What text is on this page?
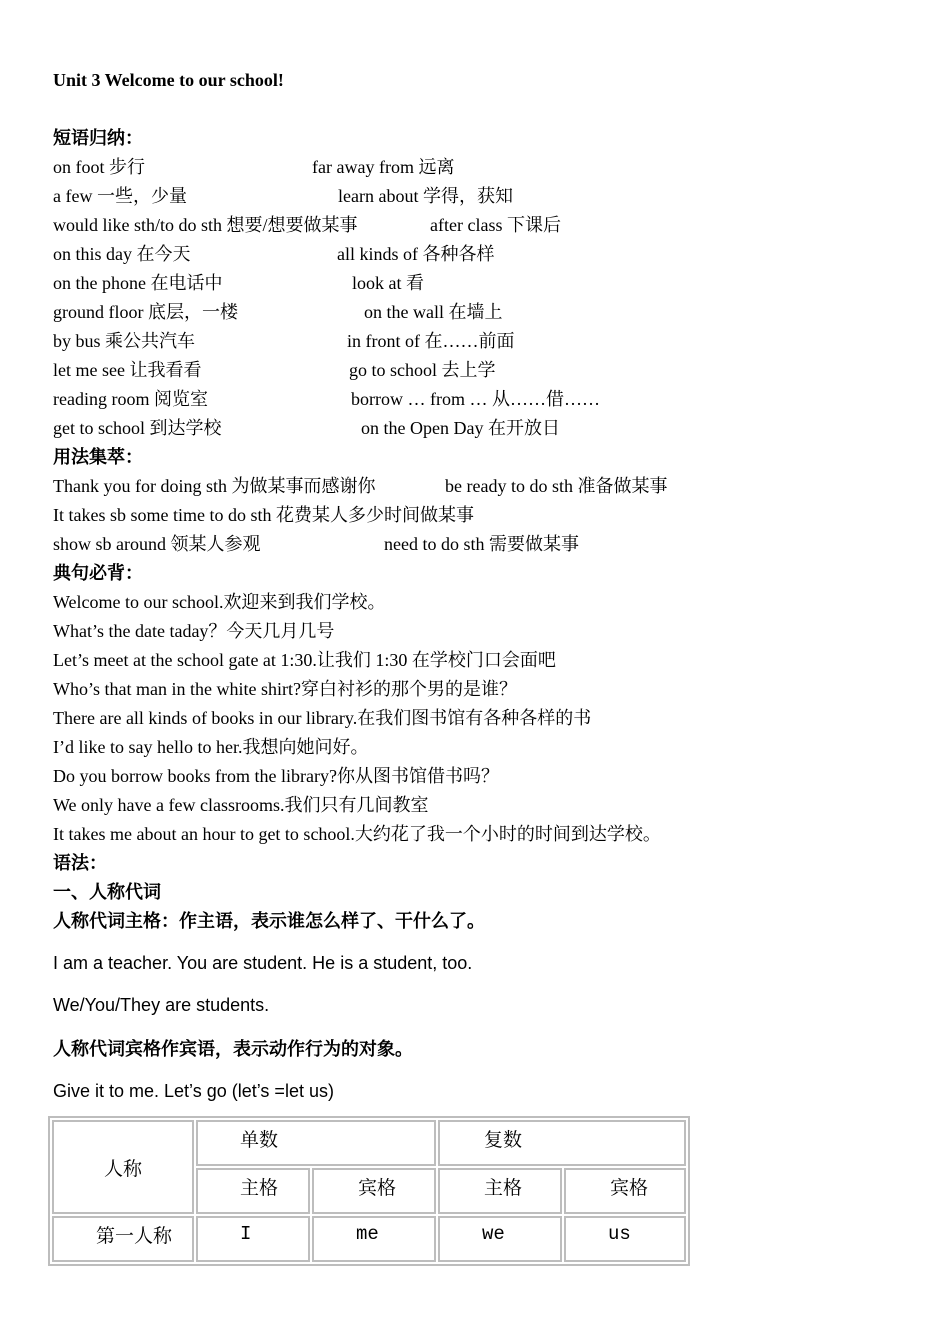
Unit 3 Welcome to our school!
短语归纳：
on foot 步行	far away from 远离
a few 一些，少量	learn about 学得，获知
would like sth/to do sth 想要/想要做某事	after class 下课后
on this day 在今天	all kinds of 各种各样
on the phone 在电话中	look at 看
ground floor 底层，一楼	on the wall 在墙上
by bus 乘公共汽车	in front of 在……前面
let me see 让我看看	go to school 去上学
reading room 阅览室	borrow … from … 从……借……
get to school 到达学校	on the Open Day 在开放日
用法集萃：
Thank you for doing sth 为做某事而感谢你	be ready to do sth 准备做某事
It takes sb some time to do sth 花费某人多少时间做某事
show sb around 领某人参观	need to do sth 需要做某事
典句必背：
Welcome to our school.欢迎来到我们学校。
What’s the date taday？今天几月几号
Let’s meet at the school gate at 1:30.让我们 1:30 在学校门口会面吧
Who’s that man in the white shirt?穿白衬衫的那个男的是谁？
There are all kinds of books in our library.在我们图书馆有各种各样的书
I’d like to say hello to her.我想向她问好。
Do you borrow books from the library?你从图书馆借书吗？
We only have a few classrooms.我们只有几间教室
It takes me about an hour to get to school.大约花了我一个小时的时间到达学校。
语法：
一、人称代词
人称代词主格：作主语，表示谁怎么样了、干什么了。
I am a teacher. You are student. He is a student, too.
We/You/They are students.
人称代词宾格作宾语，表示动作行为的对象。
Give it to me. Let’s go (let’s =let us)
人称
单数	复数
主格	宾格	主格	宾格
第一人称	I	me	we	us
